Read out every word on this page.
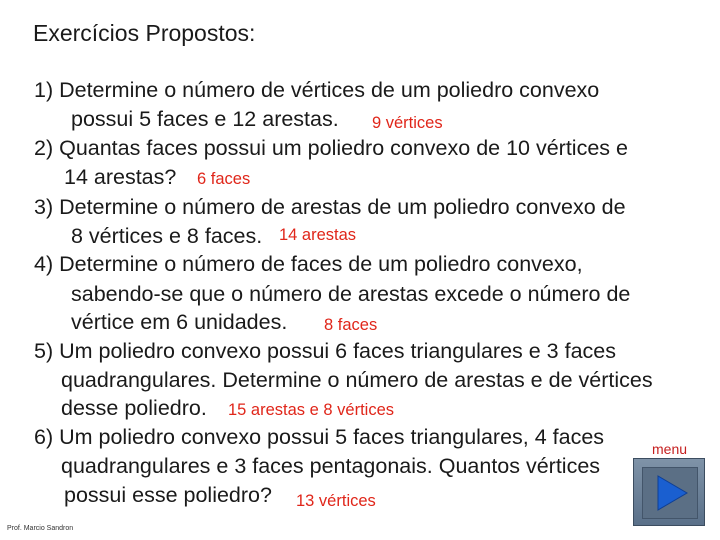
Exercícios Propostos:
1) Determine o número de vértices de um poliedro convexo
possui 5 faces e 12 arestas. 9 vértices
2) Quantas faces possui um poliedro convexo de 10 vértices e
14 arestas? 6 faces
3) Determine o número de arestas de um poliedro convexo de
8 vértices e 8 faces. 14 arestas
4) Determine o número de faces de um poliedro convexo,
sabendo-se que o número de arestas excede o número de
vértice em 6 unidades. 8 faces
5) Um poliedro convexo possui 6 faces triangulares e 3 faces
quadrangulares. Determine o número de arestas e de vértices
desse poliedro. 15 arestas e 8 vértices
6) Um poliedro convexo possui 5 faces triangulares, 4 faces
quadrangulares e 3 faces pentagonais. Quantos vértices
possui esse poliedro? 13 vértices
menu
Prof. Marcio Sandron
